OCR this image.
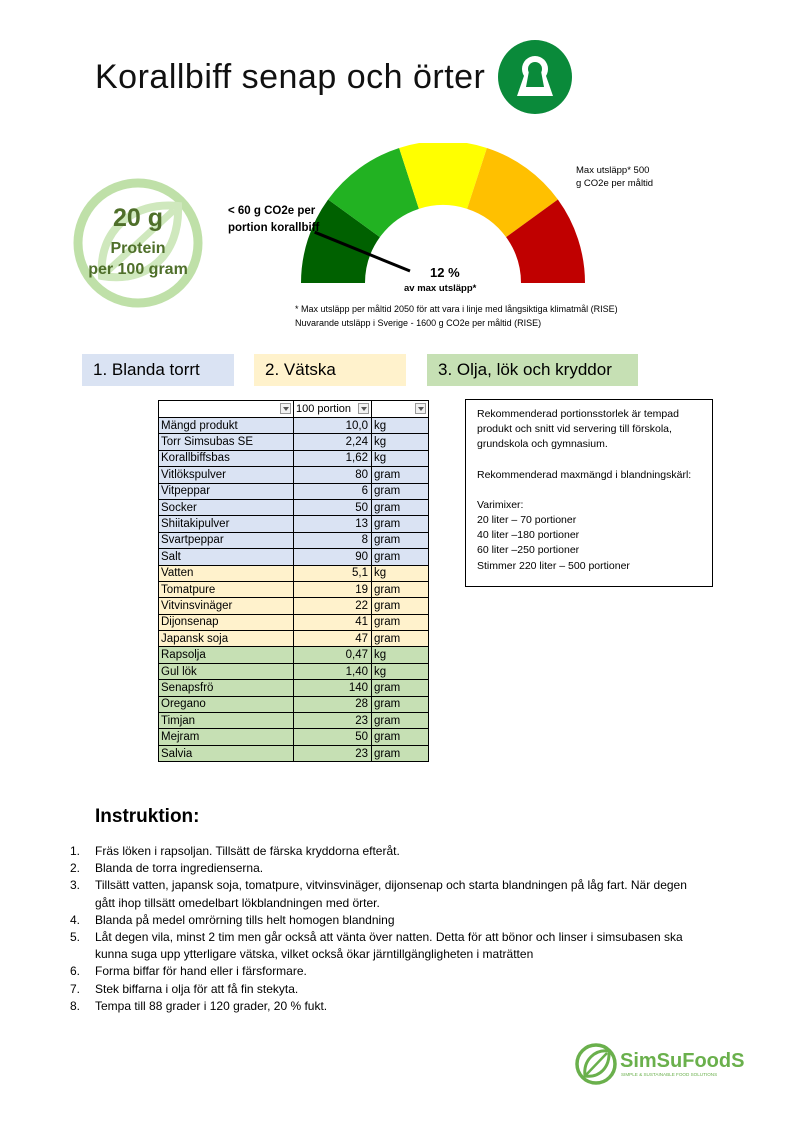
Korallbiff senap och örter
20 g
Protein
per 100 gram
< 60 g CO2e per portion korallbiff
Max utsläpp* 500 g CO2e per måltid
12 %
av max utsläpp*
* Max utsläpp per måltid 2050 för att vara i linje med långsiktiga klimatmål (RISE)
Nuvarande utsläpp i Sverige - 1600 g CO2e per måltid (RISE)
1. Blanda torrt	2. Vätska	3. Olja, lök och kryddor
	100 portion

Mängd produkt	10,0	kg
Torr Simsubas SE	2,24	kg
Korallbiffsbas	1,62	kg
Vitlökspulver	80	gram
Vitpeppar	6	gram
Socker	50	gram
Shiitakipulver	13	gram
Svartpeppar	8	gram
Salt	90	gram
Vatten	5,1	kg
Tomatpure	19	gram
Vitvinsvinäger	22	gram
Dijonsenap	41	gram
Japansk soja	47	gram
Rapsolja	0,47	kg
Gul lök	1,40	kg
Senapsfrö	140	gram
Oregano	28	gram
Timjan	23	gram
Mejram	50	gram
Salvia	23	gram

Rekommenderad portionsstorlek är tempad produkt och snitt vid servering till förskola, grundskola och gymnasium.

Rekommenderad maxmängd i blandningskärl:

Varimixer:

20 liter – 70 portioner

40 liter –180 portioner

60 liter –250 portioner

Stimmer 220 liter – 500 portioner

Instruktion:
1. Fräs löken i rapsoljan. Tillsätt de färska kryddorna efteråt.
2. Blanda de torra ingredienserna.
3. Tillsätt vatten, japansk soja, tomatpure, vitvinsvinäger, dijonsenap och starta blandningen på låg fart. När degen gått ihop tillsätt omedelbart lökblandningen med örter.
4. Blanda på medel omrörning tills helt homogen blandning
5. Låt degen vila, minst 2 tim men går också att vänta över natten. Detta för att bönor och linser i simsubasen ska kunna suga upp ytterligare vätska, vilket också ökar järntillgängligheten i maträtten
6. Forma biffar för hand eller i färsformare.
7. Stek biffarna i olja för att få fin stekyta.
8. Tempa till 88 grader i 120 grader, 20 % fukt.
SimSuFoodS
SIMPLE & SUSTAINABLE FOOD SOLUTIONS
